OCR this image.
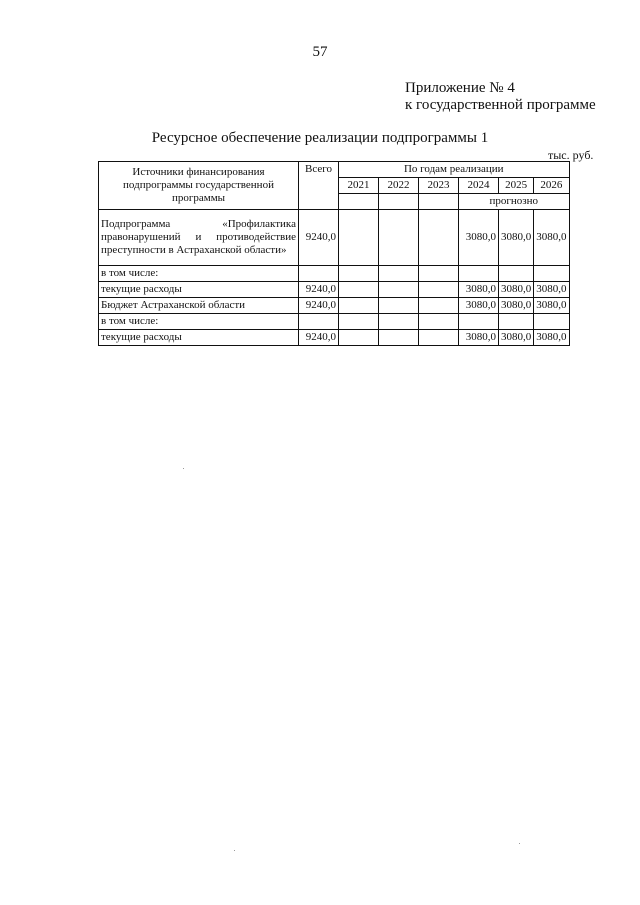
57
Приложение № 4
к государственной программе
Ресурсное обеспечение реализации подпрограммы 1
тыс. руб.
Источники финансирования подпрограммы государственной программы	Всего	По годам реализации					
		2021	2022	2023	2024	2025	2026
					прогнозно		
Подпрограмма «Профилактика правонарушений и противодействие преступности в Астраханской области»	9240,0				3080,0	3080,0	3080,0
в том числе:							
текущие расходы	9240,0				3080,0	3080,0	3080,0
Бюджет Астраханской области	9240,0				3080,0	3080,0	3080,0
в том числе:							
текущие расходы	9240,0				3080,0	3080,0	3080,0
